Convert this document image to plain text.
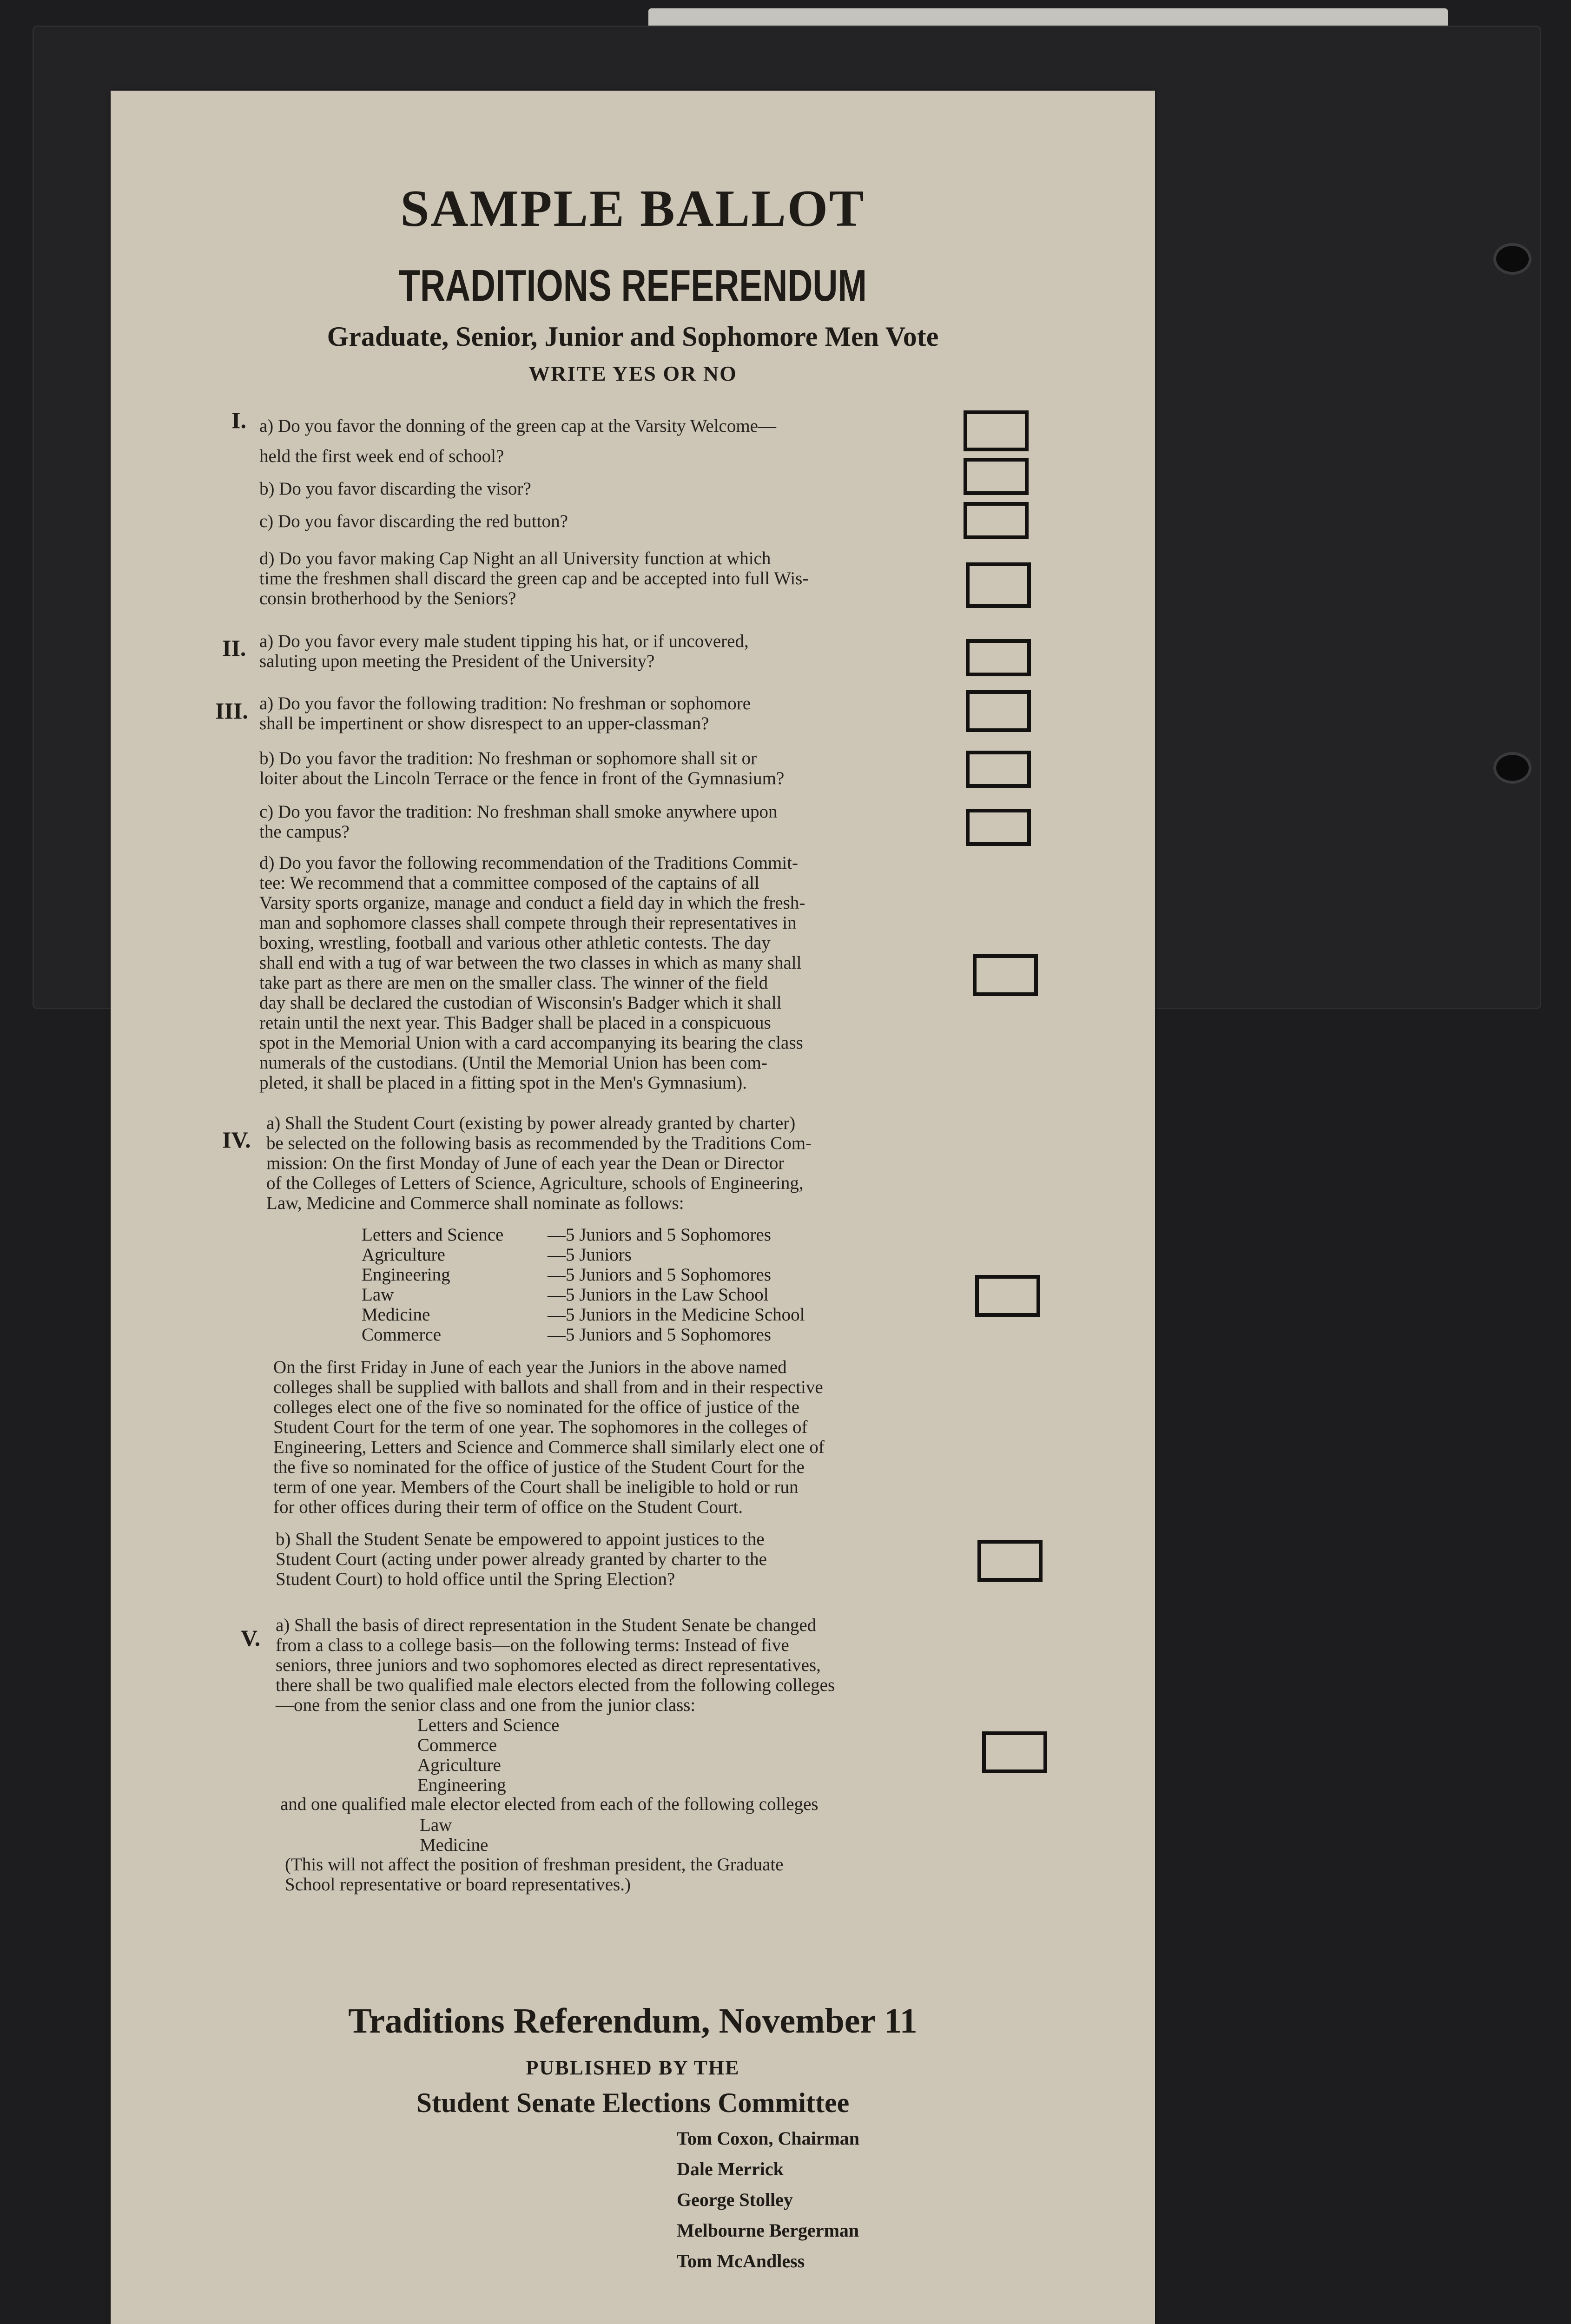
SAMPLE BALLOT
TRADITIONS REFERENDUM
Graduate, Senior, Junior and Sophomore Men Vote
WRITE YES OR NO
I. a) Do you favor the donning of the green cap at the Varsity Welcome—
held the first week end of school?
b) Do you favor discarding the visor?
c) Do you favor discarding the red button?
d) Do you favor making Cap Night an all University function at which
time the freshmen shall discard the green cap and be accepted into full Wis-
consin brotherhood by the Seniors?
II. a) Do you favor every male student tipping his hat, or if uncovered,
saluting upon meeting the President of the University?
III. a) Do you favor the following tradition: No freshman or sophomore
shall be impertinent or show disrespect to an upper-classman?
b) Do you favor the tradition: No freshman or sophomore shall sit or
loiter about the Lincoln Terrace or the fence in front of the Gymnasium?
c) Do you favor the tradition: No freshman shall smoke anywhere upon
the campus?
d) Do you favor the following recommendation of the Traditions Commit-
tee: We recommend that a committee composed of the captains of all
Varsity sports organize, manage and conduct a field day in which the fresh-
man and sophomore classes shall compete through their representatives in
boxing, wrestling, football and various other athletic contests. The day
shall end with a tug of war between the two classes in which as many shall
take part as there are men on the smaller class. The winner of the field
day shall be declared the custodian of Wisconsin's Badger which it shall
retain until the next year. This Badger shall be placed in a conspicuous
spot in the Memorial Union with a card accompanying its bearing the class
numerals of the custodians. (Until the Memorial Union has been com-
pleted, it shall be placed in a fitting spot in the Men's Gymnasium).
IV.
a) Shall the Student Court (existing by power already granted by charter)
be selected on the following basis as recommended by the Traditions Com-
mission: On the first Monday of June of each year the Dean or Director
of the Colleges of Letters of Science, Agriculture, schools of Engineering,
Law, Medicine and Commerce shall nominate as follows:
Letters and Science —5 Juniors and 5 Sophomores
Agriculture	—5 Juniors
Engineering	—5 Juniors and 5 Sophomores
Law	—5 Juniors in the Law School
Medicine	—5 Juniors in the Medicine School
Commerce	—5 Juniors and 5 Sophomores
On the first Friday in June of each year the Juniors in the above named
colleges shall be supplied with ballots and shall from and in their respective
colleges elect one of the five so nominated for the office of justice of the
Student Court for the term of one year. The sophomores in the colleges of
Engineering, Letters and Science and Commerce shall similarly elect one of
the five so nominated for the office of justice of the Student Court for the
term of one year. Members of the Court shall be ineligible to hold or run
for other offices during their term of office on the Student Court.
b) Shall the Student Senate be empowered to appoint justices to the
Student Court (acting under power already granted by charter to the
Student Court) to hold office until the Spring Election?
V. a) Shall the basis of direct representation in the Student Senate be changed
from a class to a college basis—on the following terms: Instead of five
seniors, three juniors and two sophomores elected as direct representatives,
there shall be two qualified male electors elected from the following colleges
—one from the senior class and one from the junior class:
Letters and Science
Commerce
Agriculture
Engineering
and one qualified male elector elected from each of the following colleges
Law
Medicine
(This will not affect the position of freshman president, the Graduate
School representative or board representatives.)
Traditions Referendum, November 11
PUBLISHED BY THE
Student Senate Elections Committee
Tom Coxon, Chairman
Dale Merrick
George Stolley
Melbourne Bergerman
Tom McAndless
